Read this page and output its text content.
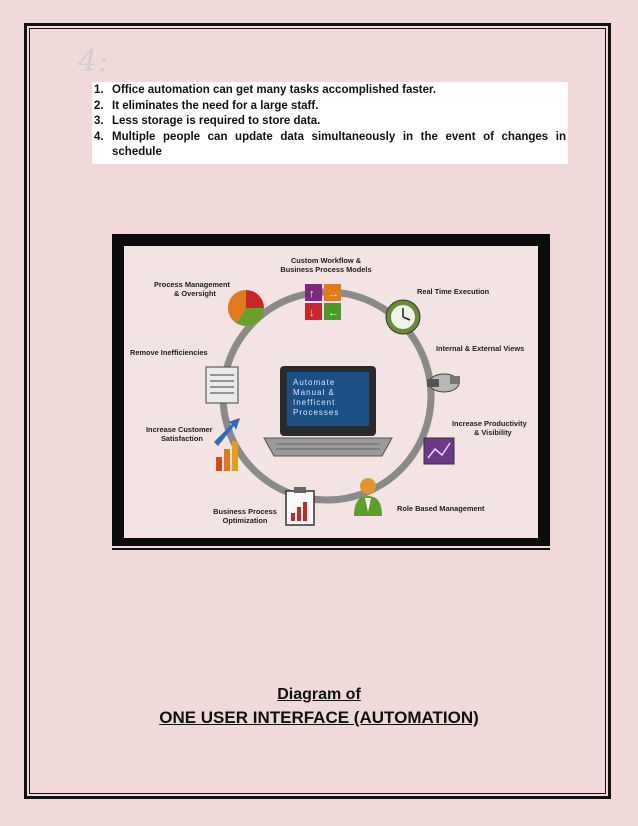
4:
1. Office automation can get many tasks accomplished faster.
2. It eliminates the need for a large staff.
3. Less storage is required to store data.
4. Multiple people can update data simultaneously in the event of changes in schedule
Automate
Manual &
Inefficent
Processes
↑ →
↓ ←
Custom Workflow &
Business Process Models
Real Time Execution
Internal & External Views
Increase Productivity
& Visibility
Role Based Management
Business Process
Optimization
Increase Customer
Satisfaction
Remove Inefficiencies
Process Management
& Oversight
Diagram of
ONE USER INTERFACE (AUTOMATION)
